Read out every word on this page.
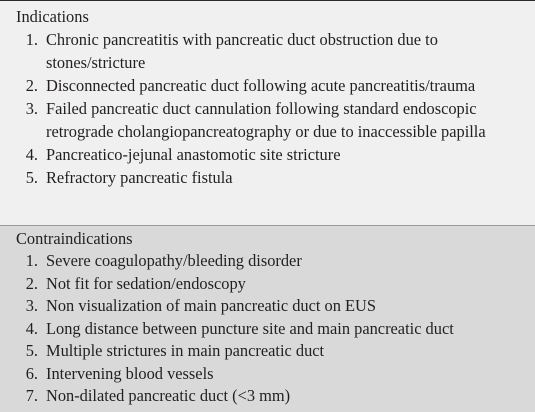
Indications
1. Chronic pancreatitis with pancreatic duct obstruction due to stones/stricture
2. Disconnected pancreatic duct following acute pancreatitis/trauma
3. Failed pancreatic duct cannulation following standard endoscopic retrograde cholangiopancreatography or due to inaccessible papilla
4. Pancreatico-jejunal anastomotic site stricture
5. Refractory pancreatic fistula
Contraindications
1. Severe coagulopathy/bleeding disorder
2. Not fit for sedation/endoscopy
3. Non visualization of main pancreatic duct on EUS
4. Long distance between puncture site and main pancreatic duct
5. Multiple strictures in main pancreatic duct
6. Intervening blood vessels
7. Non-dilated pancreatic duct (<3 mm)
